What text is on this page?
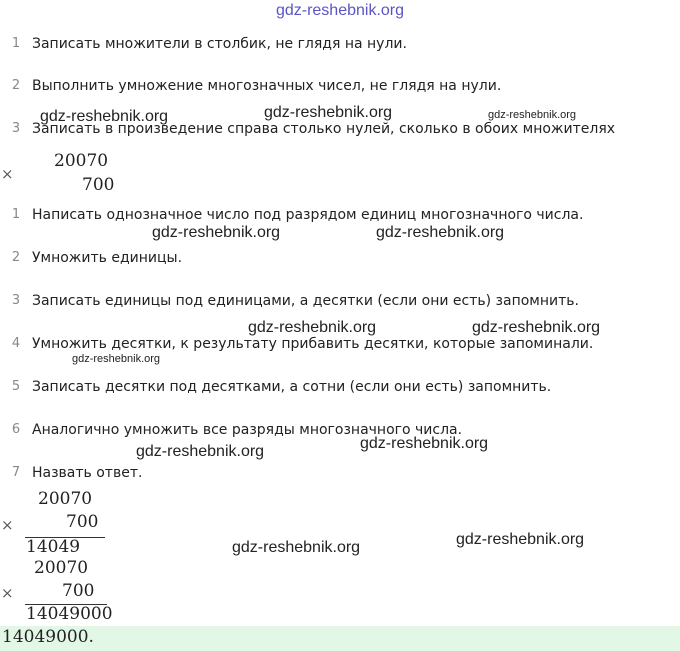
gdz-reshebnik.org
1 Записать множители в столбик, не глядя на нули.
2 Выполнить умножение многозначных чисел, не глядя на нули.
3 Записать в произведение справа столько нулей, сколько в обоих множителях
×
20070
700
1 Написать однозначное число под разрядом единиц многозначного числа.
2 Умножить единицы.
3 Записать единицы под единицами, а десятки (если они есть) запомнить.
4 Умножить десятки, к результату прибавить десятки, которые запоминали.
5 Записать десятки под десятками, а сотни (если они есть) запомнить.
6 Аналогично умножить все разряды многозначного числа.
7 Назвать ответ.
×
20070
700
14049
×
20070
700
14049000
14049000.
gdz-reshebnik.org	gdz-reshebnik.org	gdz-reshebnik.org
gdz-reshebnik.org	gdz-reshebnik.org
gdz-reshebnik.org	gdz-reshebnik.org
gdz-reshebnik.org
gdz-reshebnik.org	gdz-reshebnik.org
gdz-reshebnik.org	gdz-reshebnik.org
